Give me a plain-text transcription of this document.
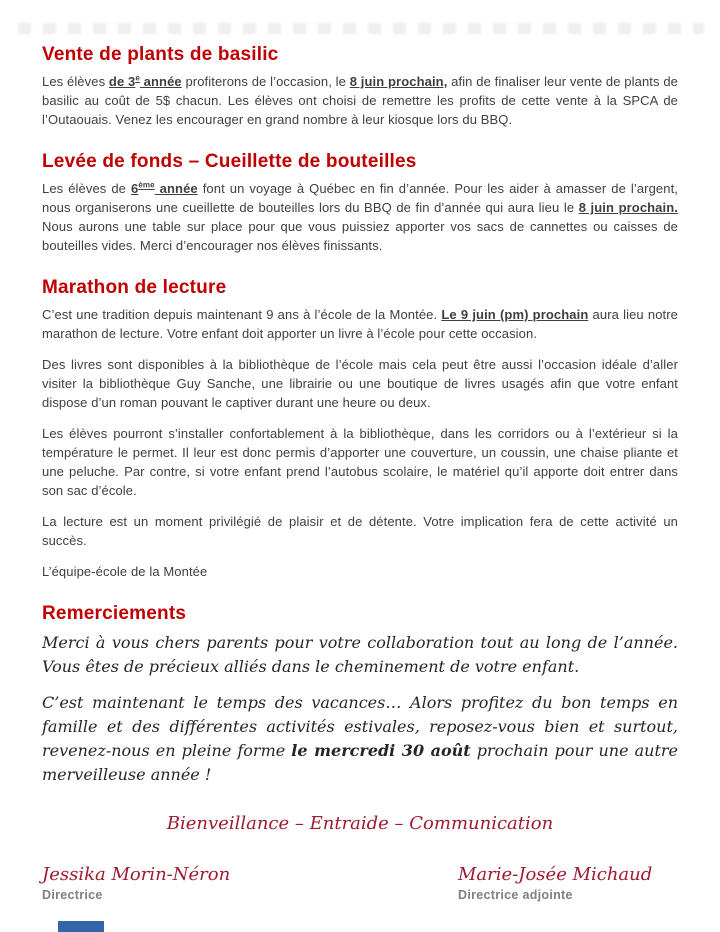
Vente de plants de basilic

Les élèves de 3e année profiterons de l’occasion, le 8 juin prochain, afin de finaliser leur vente de plants de basilic au coût de 5$ chacun. Les élèves ont choisi de remettre les profits de cette vente à la SPCA de l’Outaouais. Venez les encourager en grand nombre à leur kiosque lors du BBQ.

Levée de fonds – Cueillette de bouteilles

Les élèves de 6ème année font un voyage à Québec en fin d’année. Pour les aider à amasser de l’argent, nous organiserons une cueillette de bouteilles lors du BBQ de fin d’année qui aura lieu le 8 juin prochain. Nous aurons une table sur place pour que vous puissiez apporter vos sacs de cannettes ou caisses de bouteilles vides. Merci d’encourager nos élèves finissants.

Marathon de lecture

C’est une tradition depuis maintenant 9 ans à l’école de la Montée. Le 9 juin (pm) prochain aura lieu notre marathon de lecture. Votre enfant doit apporter un livre à l’école pour cette occasion.

Des livres sont disponibles à la bibliothèque de l’école mais cela peut être aussi l’occasion idéale d’aller visiter la bibliothèque Guy Sanche, une librairie ou une boutique de livres usagés afin que votre enfant dispose d’un roman pouvant le captiver durant une heure ou deux.

Les élèves pourront s’installer confortablement à la bibliothèque, dans les corridors ou à l’extérieur si la température le permet. Il leur est donc permis d’apporter une couverture, un coussin, une chaise pliante et une peluche. Par contre, si votre enfant prend l’autobus scolaire, le matériel qu’il apporte doit entrer dans son sac d’école.

La lecture est un moment privilégié de plaisir et de détente. Votre implication fera de cette activité un succès.

L’équipe-école de la Montée

Remerciements

Merci à vous chers parents pour votre collaboration tout au long de l’année. Vous êtes de précieux alliés dans le cheminement de votre enfant.

C’est maintenant le temps des vacances… Alors profitez du bon temps en famille et des différentes activités estivales, reposez-vous bien et surtout, revenez-nous en pleine forme le mercredi 30 août prochain pour une autre merveilleuse année !

Bienveillance – Entraide – Communication
Jessika Morin-Néron
Directrice
Marie-Josée Michaud
Directrice adjointe
